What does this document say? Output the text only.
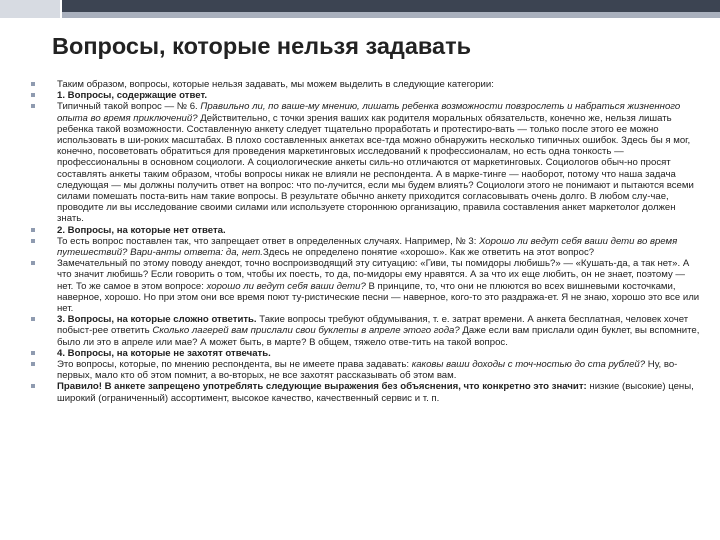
Вопросы, которые нельзя задавать
Таким образом, вопросы, которые нельзя задавать, мы можем выделить в следующие категории:
1. Вопросы, содержащие ответ.
Типичный такой вопрос — № 6. Правильно ли, по ваше-му мнению, лишать ребенка возможности повзрослеть и набраться жизненного опыта во время приключений? Действительно, с точки зрения ваших как родителя моральных обязательств, конечно же, нельзя лишать ребенка такой возможности. Составленную анкету следует тщательно проработать и протестиро-вать — только после этого ее можно использовать в ши-роких масштабах. В плохо составленных анкетах все-тда можно обнаружить несколько типичных ошибок. Здесь бы я мог, конечно, посоветовать обратиться для проведения маркетинговых исследований к профессионалам, но есть одна тонкость — профессиональны в основном социологи. А социологические анкеты силь-но отличаются от маркетинговых. Социологов обыч-но просят составлять анкеты таким образом, чтобы вопросы никак не влияли не респондента. А в марке-тинге — наоборот, потому что наша задача следующая — мы должны получить ответ на вопрос: что по-лучится, если мы будем влиять? Социологи этого не понимают и пытаются всеми силами помешать поста-вить нам такие вопросы. В результате обычно анкету приходится согласовывать очень долго. В любом слу-чае, проводите ли вы исследование своими силами или используете стороннюю организацию, правила составления анкет маркетолог должен знать.
2. Вопросы, на которые нет ответа.
То есть вопрос поставлен так, что запрещает ответ в определенных случаях. Например, № 3: Хорошо ли ведут себя ваши дети во время путешествий? Вари-анты ответа: да, нет.Здесь не определено понятие «хорошо». Как же ответить на этот вопрос?
Замечательный по этому поводу анекдот, точно воспроизводящий эту ситуацию: «Гиви, ты помидоры любишь?» — «Кушать-да, а так нет». А что значит любишь? Если говорить о том, чтобы их поесть, то да, по-мидоры ему нравятся. А за что их еще любить, он не знает, поэтому — нет. То же самое в этом вопросе: хорошо ли ведут себя ваши дети? В принципе, то, что они не плюются во всех вишневыми косточками, наверное, хорошо. Но при этом они все время поют ту-ристические песни — наверное, кого-то это раздража-ет. Я не знаю, хорошо это все или нет.
3. Вопросы, на которые сложно ответить. Такие вопросы требуют обдумывания, т. е. затрат времени. А анкета бесплатная, человек хочет побыст-рее ответить Сколько лагерей вам прислали свои буклеты в апреле этого года? Даже если вам прислали один буклет, вы вспомните, было ли это в апреле или мае? А может быть, в марте? В общем, тяжело отве-тить на такой вопрос.
4. Вопросы, на которые не захотят отвечать.
Это вопросы, которые, по мнению респондента, вы не имеете права задавать: каковы ваши доходы с точ-ностью до ста рублей? Ну, во-первых, мало кто об этом помнит, а во-вторых, не все захотят рассказывать об этом вам.
Правило! В анкете запрещено употреблять следующие выражения без объяснения, что конкретно это значит: низкие (высокие) цены, широкий (ограниченный) ассортимент, высокое качество, качественный сервис и т. п.
